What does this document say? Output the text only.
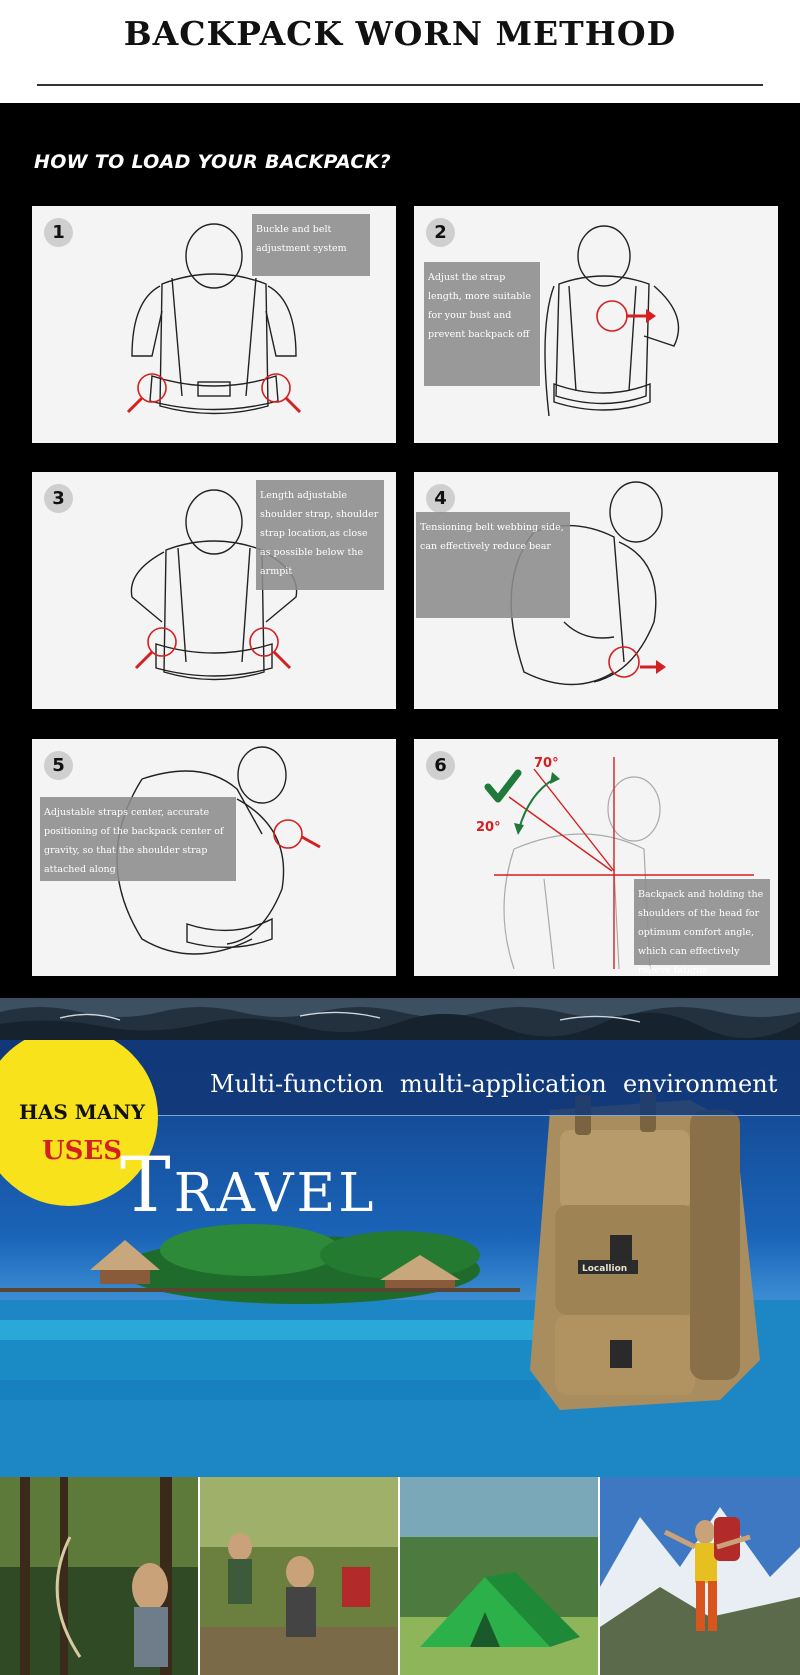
BACKPACK WORN METHOD
HOW TO LOAD YOUR BACKPACK?
1	Buckle and belt adjustment system
2
Adjust the strap length, more suitable for your bust and prevent backpack off
3	Length adjustable shoulder strap, shoulder strap location,as close as possible below the armpit
4
Tensioning belt webbing side, can effectively reduce bear
5
Adjustable straps center, accurate positioning of the backpack center of gravity, so that the shoulder strap attached along
70°
20°
6
Backpack and holding the shoulders of the head for optimum comfort angle, which can effectively relieve fatigue
Locallion
Multi-function multi-application environment
HAS MANY
USES
Travel
